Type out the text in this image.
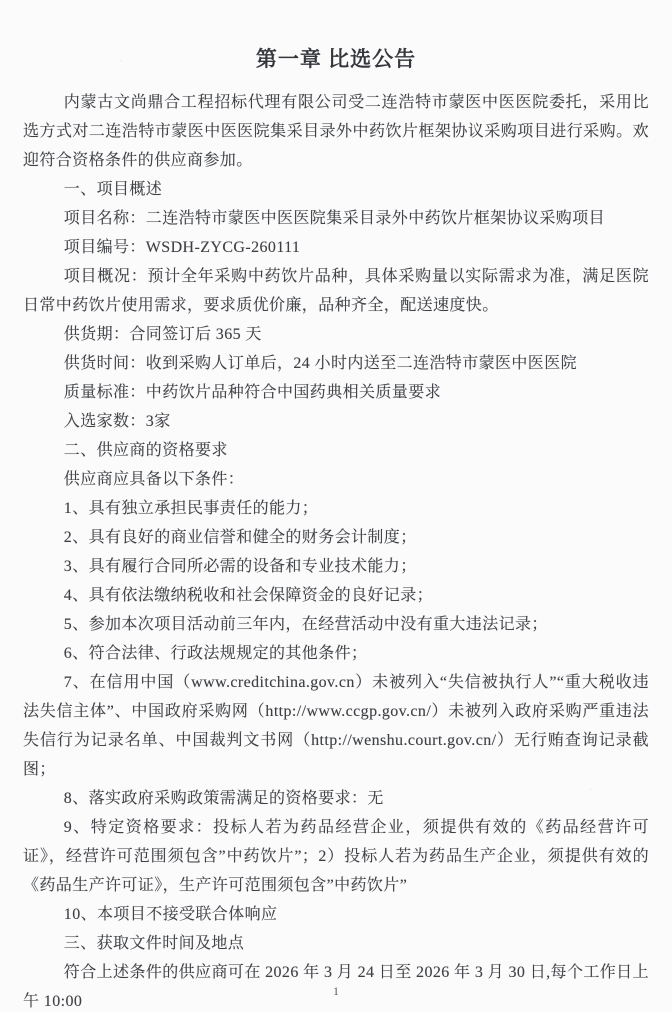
第一章 比选公告

内蒙古文尚鼎合工程招标代理有限公司受二连浩特市蒙医中医医院委托，采用比选方式对二连浩特市蒙医中医医院集采目录外中药饮片框架协议采购项目进行采购。欢迎符合资格条件的供应商参加。

一、项目概述

项目名称：二连浩特市蒙医中医医院集采目录外中药饮片框架协议采购项目

项目编号：WSDH-ZYCG-260111

项目概况：预计全年采购中药饮片品种，具体采购量以实际需求为准，满足医院日常中药饮片使用需求，要求质优价廉，品种齐全，配送速度快。

供货期：合同签订后 365 天

供货时间：收到采购人订单后，24 小时内送至二连浩特市蒙医中医医院

质量标准：中药饮片品种符合中国药典相关质量要求

入选家数：3家

二、供应商的资格要求

供应商应具备以下条件：

1、具有独立承担民事责任的能力；

2、具有良好的商业信誉和健全的财务会计制度；

3、具有履行合同所必需的设备和专业技术能力；

4、具有依法缴纳税收和社会保障资金的良好记录；

5、参加本次项目活动前三年内，在经营活动中没有重大违法记录；

6、符合法律、行政法规规定的其他条件；

7、在信用中国（www.creditchina.gov.cn）未被列入“失信被执行人”“重大税收违法失信主体”、中国政府采购网（http://www.ccgp.gov.cn/）未被列入政府采购严重违法失信行为记录名单、中国裁判文书网（http://wenshu.court.gov.cn/）无行贿查询记录截图；

8、落实政府采购政策需满足的资格要求：无

9、特定资格要求：投标人若为药品经营企业，须提供有效的《药品经营许可证》，经营许可范围须包含”中药饮片”；2）投标人若为药品生产企业，须提供有效的《药品生产许可证》，生产许可范围须包含”中药饮片”

10、本项目不接受联合体响应

三、获取文件时间及地点

符合上述条件的供应商可在 2026 年 3 月 24 日至 2026 年 3 月 30 日,每个工作日上午 10:00

1
